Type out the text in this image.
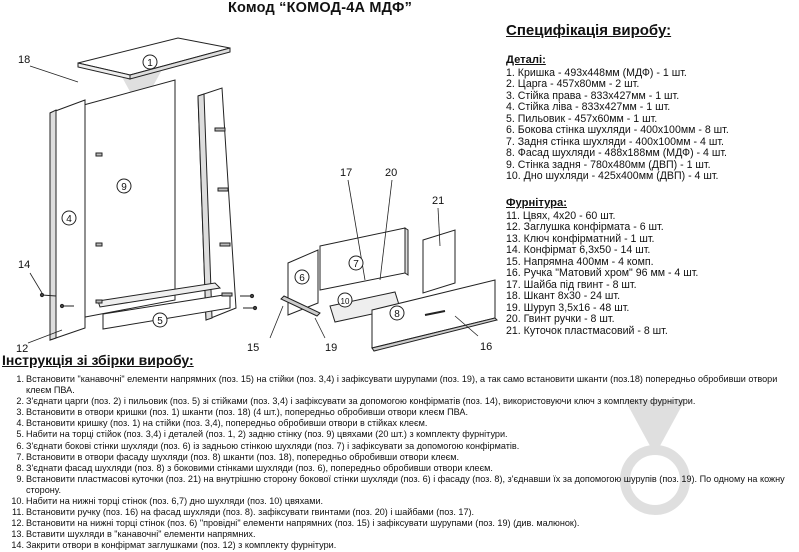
Комод “КОМОД-4А МДФ”
1
4
9
5
6
7
8
10
18
14
12	15	19
17	20
21
16
Специфікація виробу:
Деталі:
1. Кришка - 493х448мм (МДФ) - 1 шт.
2. Царга - 457х80мм - 2 шт.
3. Стійка права - 833х427мм - 1 шт.
4. Стійка ліва - 833х427мм - 1 шт.
5. Пильовик - 457х60мм - 1 шт.
6. Бокова стінка шухляди - 400х100мм - 8 шт.
7. Задня стінка шухляди - 400х100мм - 4 шт.
8. Фасад шухляди - 488х188мм (МДФ) - 4 шт.
9. Стінка задня - 780х480мм (ДВП) - 1 шт.
10. Дно шухляди - 425х400мм (ДВП) - 4 шт.
Фурнітура:
11. Цвях, 4х20 - 60 шт.
12. Заглушка конфірмата - 6 шт.
13. Ключ конфірматний - 1 шт.
14. Конфірмат 6,3х50 - 14 шт.
15. Напрямна 400мм - 4 комп.
16. Ручка "Матовий хром" 96 мм - 4 шт.
17. Шайба під гвинт - 8 шт.
18. Шкант 8х30 - 24 шт.
19. Шуруп 3,5х16 - 48 шт.
20. Гвинт ручки - 8 шт.
21. Куточок пластмасовий - 8 шт.
Інструкція зі збірки виробу:
1. Встановити "канавочні" елементи напрямних (поз. 15) на стійки (поз. 3,4) і зафіксувати шурупами (поз. 19), а так само встановити шканти (поз.18) попередньо обробивши отвори клеєм ПВА.
2. З'єднати царги (поз. 2) і пильовик (поз. 5) зі стійками (поз. 3,4) і зафіксувати за допомогою конфірматів (поз. 14), використовуючи ключ з комплекту фурнітури.
3. Встановити в отвори кришки (поз. 1) шканти (поз. 18) (4 шт.), попередньо обробивши отвори клеєм ПВА.
4. Встановити кришку (поз. 1) на стійки (поз. 3,4), попередньо обробивши отвори в стійках клеєм.
5. Набити на торці стійок (поз. 3,4) і деталей (поз. 1, 2) задню стінку (поз. 9) цвяхами (20 шт.) з комплекту фурнітури.
6. З'єднати бокові стінки шухляди (поз. 6) із задньою стінкою шухляди (поз. 7) і зафіксувати за допомогою конфірматів.
7. Встановити в отвори фасаду шухляди (поз. 8) шканти (поз. 18), попередньо обробивши отвори клеєм.
8. З'єднати фасад шухляди (поз. 8) з боковими стінками шухляди (поз. 6), попередньо обробивши отвори клеєм.
9. Встановити пластмасові куточки (поз. 21) на внутрішню сторону бокової стінки шухляди (поз. 6) і фасаду (поз. 8), з'єднавши їх за допомогою шурупів (поз. 19). По одному на кожну сторону.
10. Набити на нижні торці стінок (поз. 6,7) дно шухляди (поз. 10) цвяхами.
11. Встановити ручку (поз. 16) на фасад шухляди (поз. 8). зафіксувати гвинтами (поз. 20) і шайбами (поз. 17).
12. Встановити на нижні торці стінок (поз. 6) "провідні" елементи напрямних (поз. 15) і зафіксувати шурупами (поз. 19) (див. малюнок).
13. Вставити шухляди в "канавочні" елементи напрямних.
14. Закрити отвори в конфірмат заглушками (поз. 12) з комплекту фурнітури.
